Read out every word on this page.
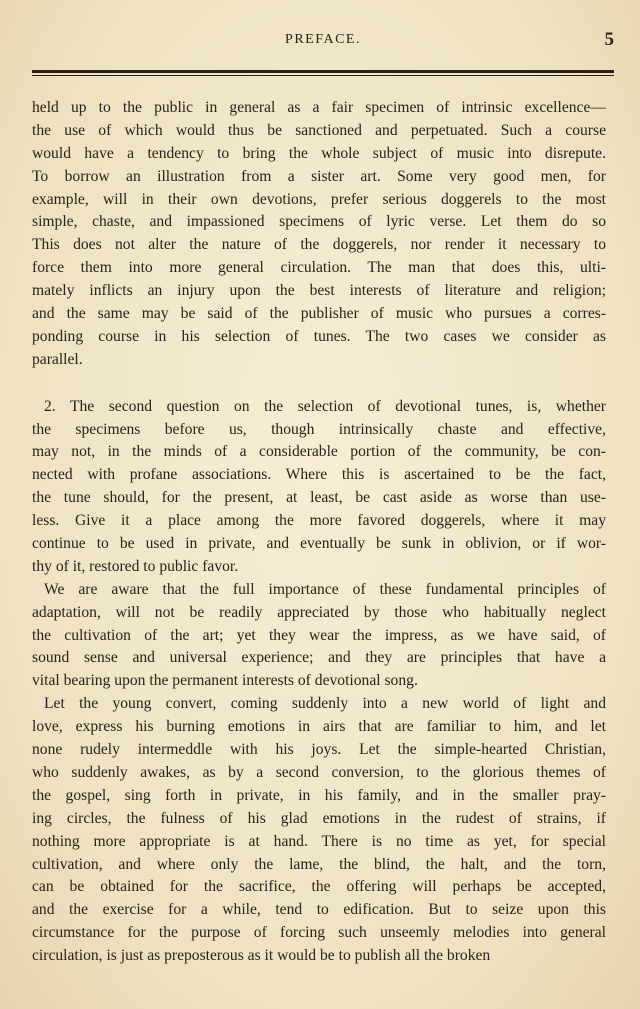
PREFACE.	5
held up to the public in general as a fair specimen of intrinsic excellence—
the use of which would thus be sanctioned and perpetuated. Such a course
would have a tendency to bring the whole subject of music into disrepute.
To borrow an illustration from a sister art. Some very good men, for
example, will in their own devotions, prefer serious doggerels to the most
simple, chaste, and impassioned specimens of lyric verse. Let them do so
This does not alter the nature of the doggerels, nor render it necessary to
force them into more general circulation. The man that does this, ulti-
mately inflicts an injury upon the best interests of literature and religion;
and the same may be said of the publisher of music who pursues a corres-
ponding course in his selection of tunes. The two cases we consider as
parallel.
2. The second question on the selection of devotional tunes, is, whether
the specimens before us, though intrinsically chaste and effective,
may not, in the minds of a considerable portion of the community, be con-
nected with profane associations. Where this is ascertained to be the fact,
the tune should, for the present, at least, be cast aside as worse than use-
less. Give it a place among the more favored doggerels, where it may
continue to be used in private, and eventually be sunk in oblivion, or if wor-
thy of it, restored to public favor.
We are aware that the full importance of these fundamental principles of
adaptation, will not be readily appreciated by those who habitually neglect
the cultivation of the art; yet they wear the impress, as we have said, of
sound sense and universal experience; and they are principles that have a
vital bearing upon the permanent interests of devotional song.
Let the young convert, coming suddenly into a new world of light and
love, express his burning emotions in airs that are familiar to him, and let
none rudely intermeddle with his joys. Let the simple-hearted Christian,
who suddenly awakes, as by a second conversion, to the glorious themes of
the gospel, sing forth in private, in his family, and in the smaller pray-
ing circles, the fulness of his glad emotions in the rudest of strains, if
nothing more appropriate is at hand. There is no time as yet, for special
cultivation, and where only the lame, the blind, the halt, and the torn,
can be obtained for the sacrifice, the offering will perhaps be accepted,
and the exercise for a while, tend to edification. But to seize upon this
circumstance for the purpose of forcing such unseemly melodies into general
circulation, is just as preposterous as it would be to publish all the broken
